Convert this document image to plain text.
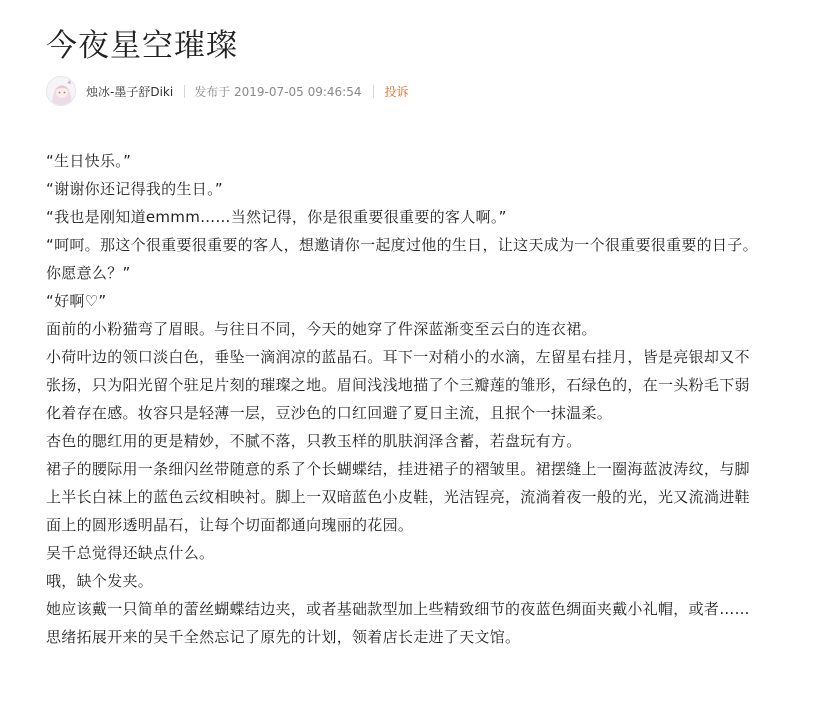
今夜星空璀璨
烛冰-墨子舒Diki 发布于 2019-07-05 09:46:54 投诉

“生日快乐。”

“谢谢你还记得我的生日。”

“我也是刚知道emmm……当然记得，你是很重要很重要的客人啊。”

“呵呵。那这个很重要很重要的客人，想邀请你一起度过他的生日，让这天成为一个很重要很重要的日子。

你愿意么？”

“好啊♡”

面前的小粉猫弯了眉眼。与往日不同，今天的她穿了件深蓝渐变至云白的连衣裙。

小荷叶边的领口淡白色，垂坠一滴润凉的蓝晶石。耳下一对稍小的水滴，左留星右挂月，皆是亮银却又不张扬，只为阳光留个驻足片刻的璀璨之地。眉间浅浅地描了个三瓣莲的雏形，石绿色的，在一头粉毛下弱化着存在感。妆容只是轻薄一层，豆沙色的口红回避了夏日主流，且抿个一抹温柔。

杏色的腮红用的更是精妙，不腻不落，只教玉样的肌肤润泽含蓄，若盘玩有方。

裙子的腰际用一条细闪丝带随意的系了个长蝴蝶结，挂进裙子的褶皱里。裙摆缝上一圈海蓝波涛纹，与脚上半长白袜上的蓝色云纹相映衬。脚上一双暗蓝色小皮鞋，光洁锃亮，流淌着夜一般的光，光又流淌进鞋面上的圆形透明晶石，让每个切面都通向瑰丽的花园。

吴千总觉得还缺点什么。

哦，缺个发夹。

她应该戴一只简单的蕾丝蝴蝶结边夹，或者基础款型加上些精致细节的夜蓝色绸面夹戴小礼帽，或者……

思绪拓展开来的吴千全然忘记了原先的计划，领着店长走进了天文馆。
